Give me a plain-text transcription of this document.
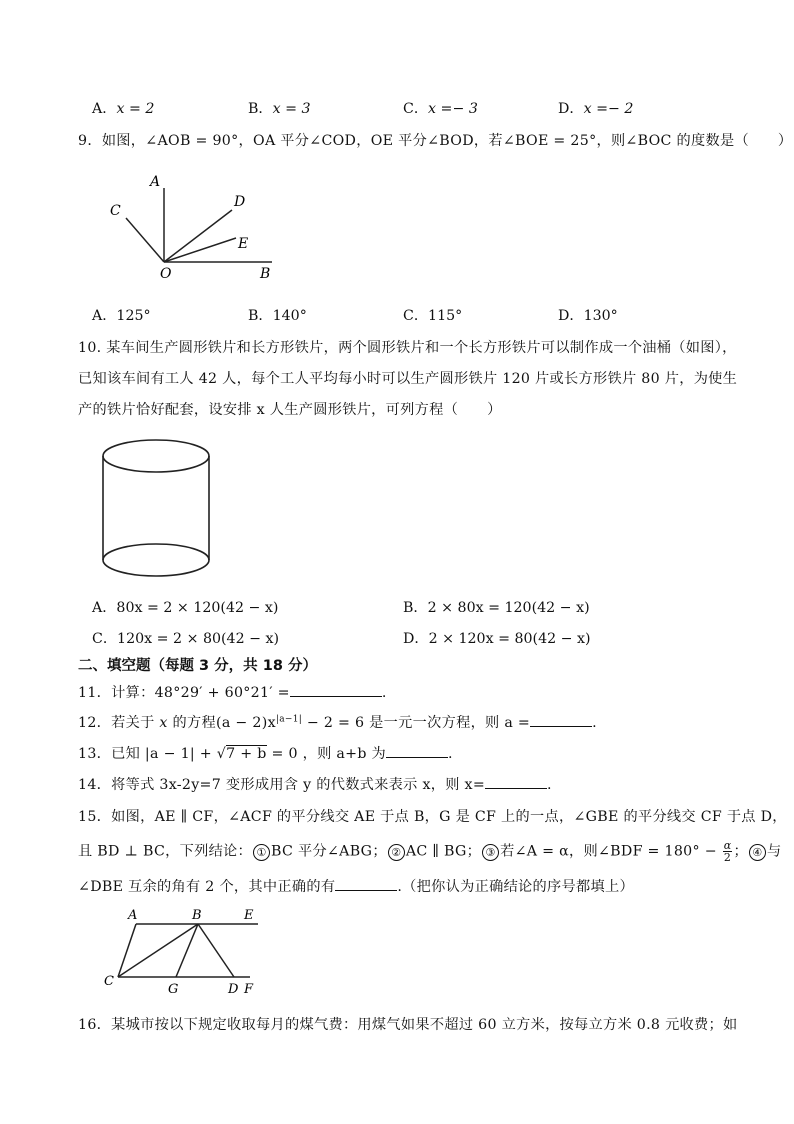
A．x = 2	B．x = 3	C．x =− 3	D．x =− 2
9．如图，∠AOB = 90°，OA 平分∠COD，OE 平分∠BOD，若∠BOE = 25°，则∠BOC 的度数是（　　）
A
C
D
E
O	B
A．125°	B．140°	C．115°	D．130°
10. 某车间生产圆形铁片和长方形铁片，两个圆形铁片和一个长方形铁片可以制作成一个油桶（如图），
已知该车间有工人 42 人，每个工人平均每小时可以生产圆形铁片 120 片或长方形铁片 80 片，为使生
产的铁片恰好配套，设安排 x 人生产圆形铁片，可列方程（　　）
A．80x = 2 × 120(42 − x)	B．2 × 80x = 120(42 − x)
C．120x = 2 × 80(42 − x)	D．2 × 120x = 80(42 − x)
二、填空题（每题 3 分，共 18 分）
11．计算：48°29′ + 60°21′ =	.
12．若关于 x 的方程$(a - 2)x^{|a-1|} - 2 = 6$ 是一元一次方程，则 a =	.
13．已知 |a − 1| + √7 + b = 0 ，则 a+b 为	.
14．将等式 3x-2y=7 变形成用含 y 的代数式来表示 x，则 x=	.
15．如图，AE ∥ CF，∠ACF 的平分线交 AE 于点 B，G 是 CF 上的一点，∠GBE 的平分线交 CF 于点 D，
且 BD ⊥ BC，下列结论： ① BC 平分∠ABG； ② AC ∥ BG； ③ 若∠A = α，则∠BDF = $180^\circ - \frac{\alpha}{2}$ ； ④ 与
∠DBE 互余的角有 2 个，其中正确的有	.（把你认为正确结论的序号都填上）
A	B	E
C
G	D F
16．某城市按以下规定收取每月的煤气费：用煤气如果不超过 60 立方米，按每立方米 0.8 元收费；如
